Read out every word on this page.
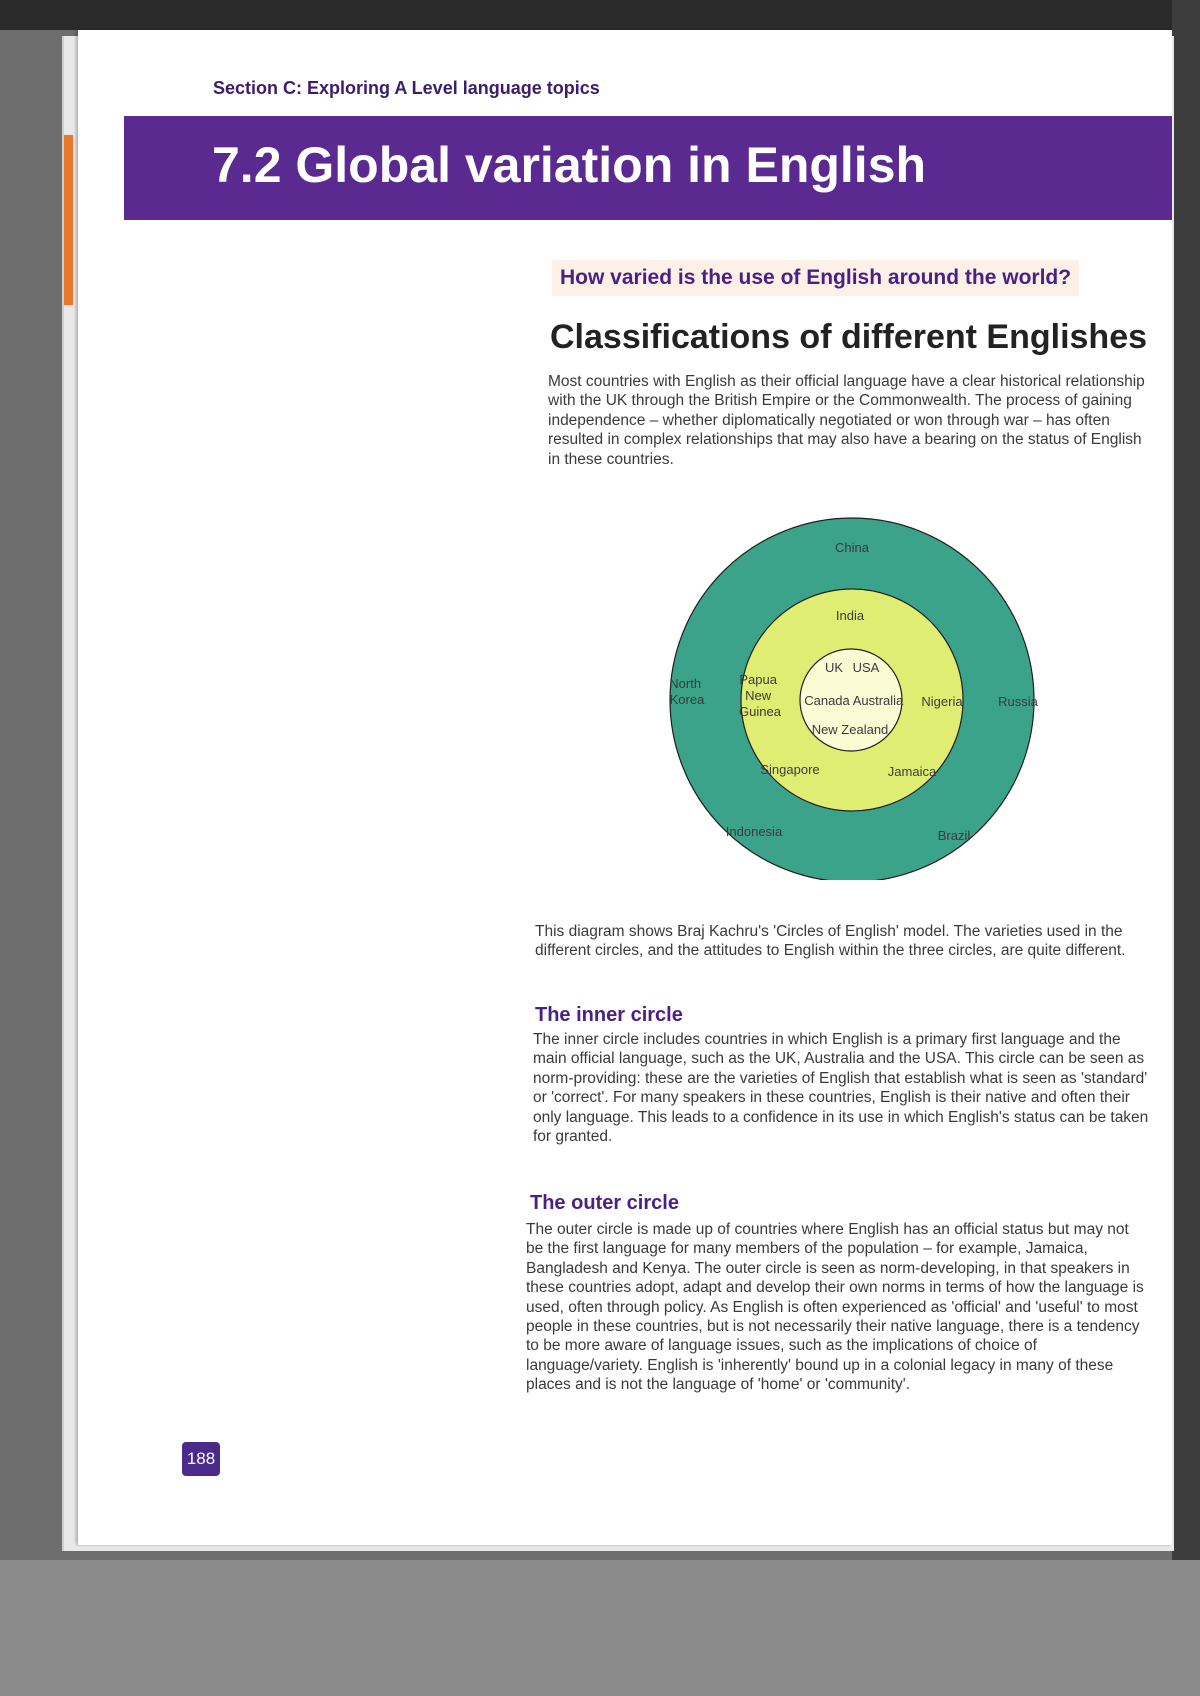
Section C: Exploring A Level language topics

7.2 Global variation in English

How varied is the use of English around the world?

Classifications of different Englishes

Most countries with English as their official language have a clear historical relationship with the UK through the British Empire or the Commonwealth. The process of gaining independence – whether diplomatically negotiated or won through war – has often resulted in complex relationships that may also have a bearing on the status of English in these countries.

China
North Korea	Russia
Indonesia	Brazil
India
Papua New Guinea
Nigeria
Singapore	Jamaica
UK USA
Canada Australia
New Zealand

This diagram shows Braj Kachru's 'Circles of English' model. The varieties used in the different circles, and the attitudes to English within the three circles, are quite different.

The inner circle

The inner circle includes countries in which English is a primary first language and the main official language, such as the UK, Australia and the USA. This circle can be seen as norm-providing: these are the varieties of English that establish what is seen as 'standard' or 'correct'. For many speakers in these countries, English is their native and often their only language. This leads to a confidence in its use in which English's status can be taken for granted.

The outer circle

The outer circle is made up of countries where English has an official status but may not be the first language for many members of the population – for example, Jamaica, Bangladesh and Kenya. The outer circle is seen as norm-developing, in that speakers in these countries adopt, adapt and develop their own norms in terms of how the language is used, often through policy. As English is often experienced as 'official' and 'useful' to most people in these countries, but is not necessarily their native language, there is a tendency to be more aware of language issues, such as the implications of choice of language/variety. English is 'inherently' bound up in a colonial legacy in many of these places and is not the language of 'home' or 'community'.

188
